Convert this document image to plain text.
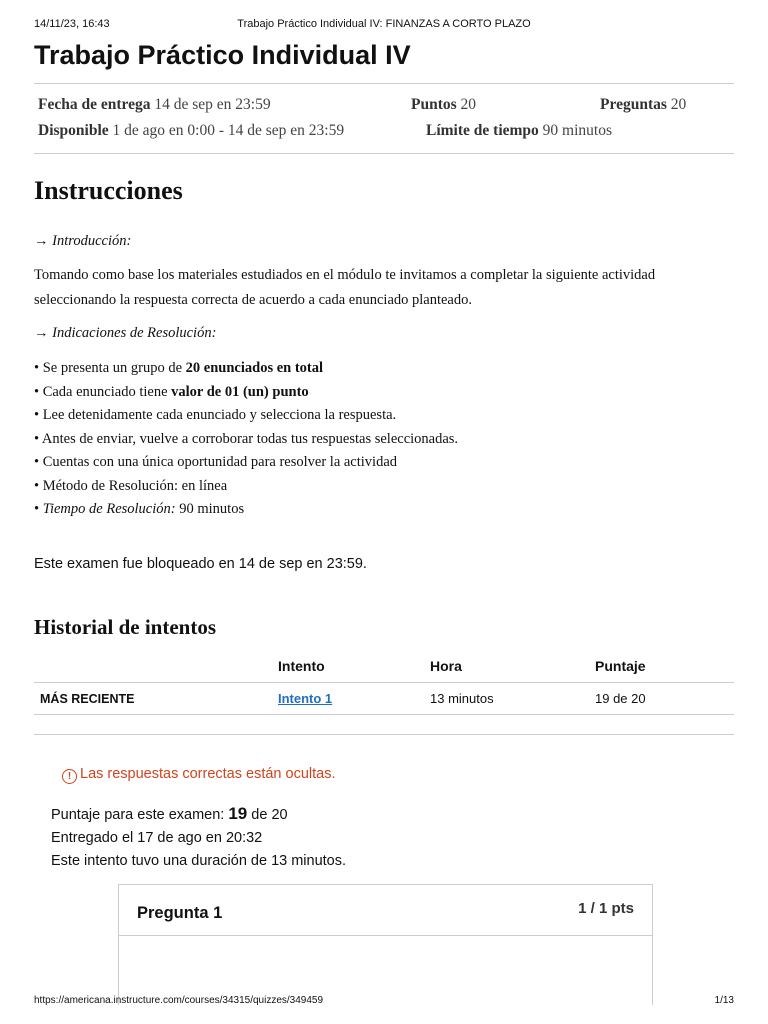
14/11/23, 16:43	Trabajo Práctico Individual IV: FINANZAS A CORTO PLAZO
Trabajo Práctico Individual IV
Fecha de entrega 14 de sep en 23:59	Puntos 20	Preguntas 20
Disponible 1 de ago en 0:00 - 14 de sep en 23:59	Límite de tiempo 90 minutos
Instrucciones
→ Introducción:
Tomando como base los materiales estudiados en el módulo te invitamos a completar la siguiente actividad seleccionando la respuesta correcta de acuerdo a cada enunciado planteado.
→ Indicaciones de Resolución:
• Se presenta un grupo de 20 enunciados en total
• Cada enunciado tiene valor de 01 (un) punto
• Lee detenidamente cada enunciado y selecciona la respuesta.
• Antes de enviar, vuelve a corroborar todas tus respuestas seleccionadas.
• Cuentas con una única oportunidad para resolver la actividad
• Método de Resolución: en línea
• Tiempo de Resolución: 90 minutos
Este examen fue bloqueado en 14 de sep en 23:59.
Historial de intentos
	Intento	Hora	Puntaje
MÁS RECIENTE	Intento 1	13 minutos	19 de 20
! Las respuestas correctas están ocultas.
Puntaje para este examen: 19 de 20
Entregado el 17 de ago en 20:32
Este intento tuvo una duración de 13 minutos.
Pregunta 1	1 / 1 pts
https://americana.instructure.com/courses/34315/quizzes/349459	1/13
